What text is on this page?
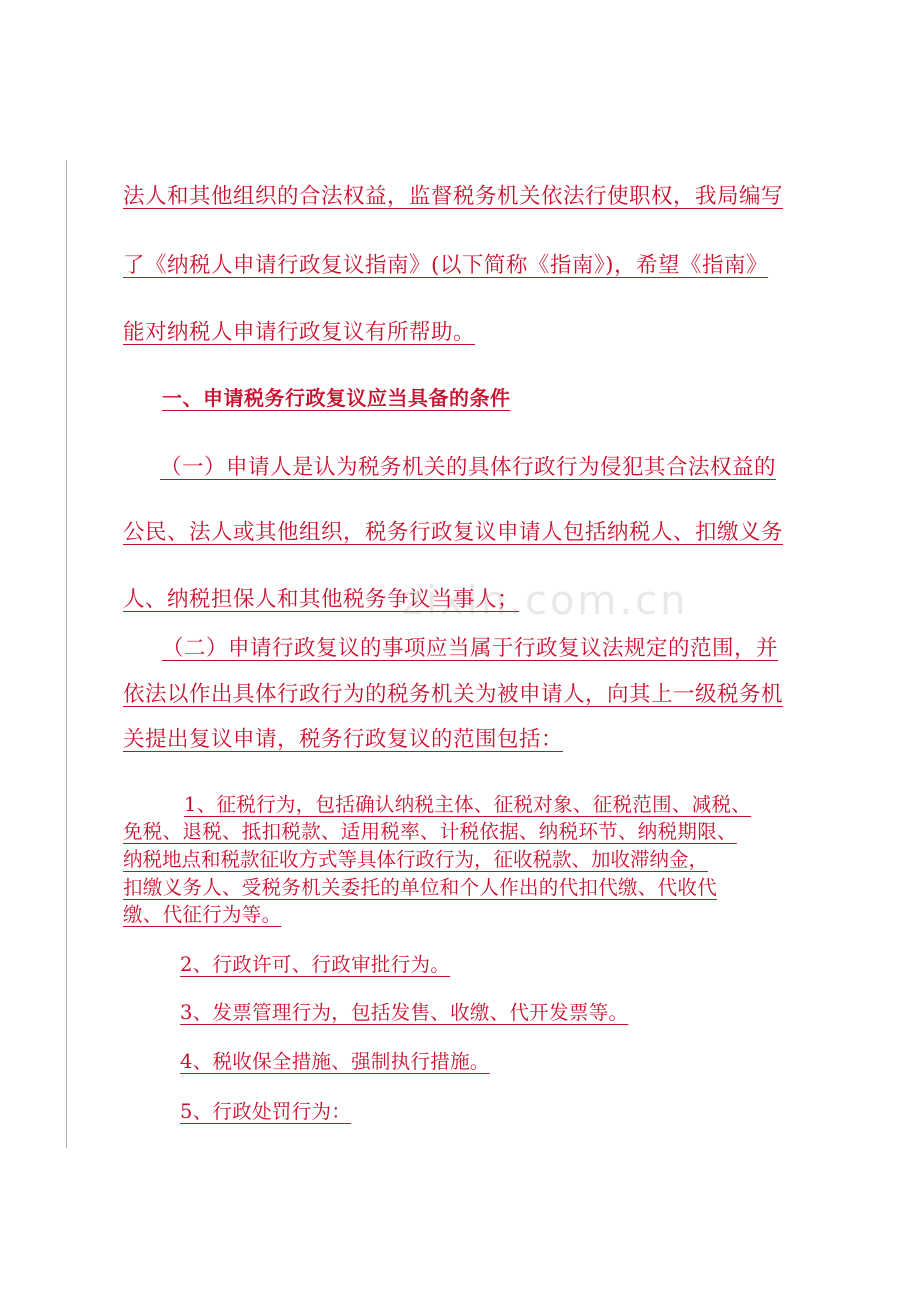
zixin.com.cn
法人和其他组织的合法权益，监督税务机关依法行使职权，我局编写
了《纳税人申请行政复议指南》(以下简称《指南》)，希望《指南》
能对纳税人申请行政复议有所帮助。
一、申请税务行政复议应当具备的条件
（一）申请人是认为税务机关的具体行政行为侵犯其合法权益的
公民、法人或其他组织，税务行政复议申请人包括纳税人、扣缴义务
人、纳税担保人和其他税务争议当事人；
（二）申请行政复议的事项应当属于行政复议法规定的范围，并
依法以作出具体行政行为的税务机关为被申请人，向其上一级税务机
关提出复议申请，税务行政复议的范围包括：
1、征税行为，包括确认纳税主体、征税对象、征税范围、减税、
免税、退税、抵扣税款、适用税率、计税依据、纳税环节、纳税期限、
纳税地点和税款征收方式等具体行政行为，征收税款、加收滞纳金，
扣缴义务人、受税务机关委托的单位和个人作出的代扣代缴、代收代
缴、代征行为等。
2、行政许可、行政审批行为。
3、发票管理行为，包括发售、收缴、代开发票等。
4、税收保全措施、强制执行措施。
5、行政处罚行为：
